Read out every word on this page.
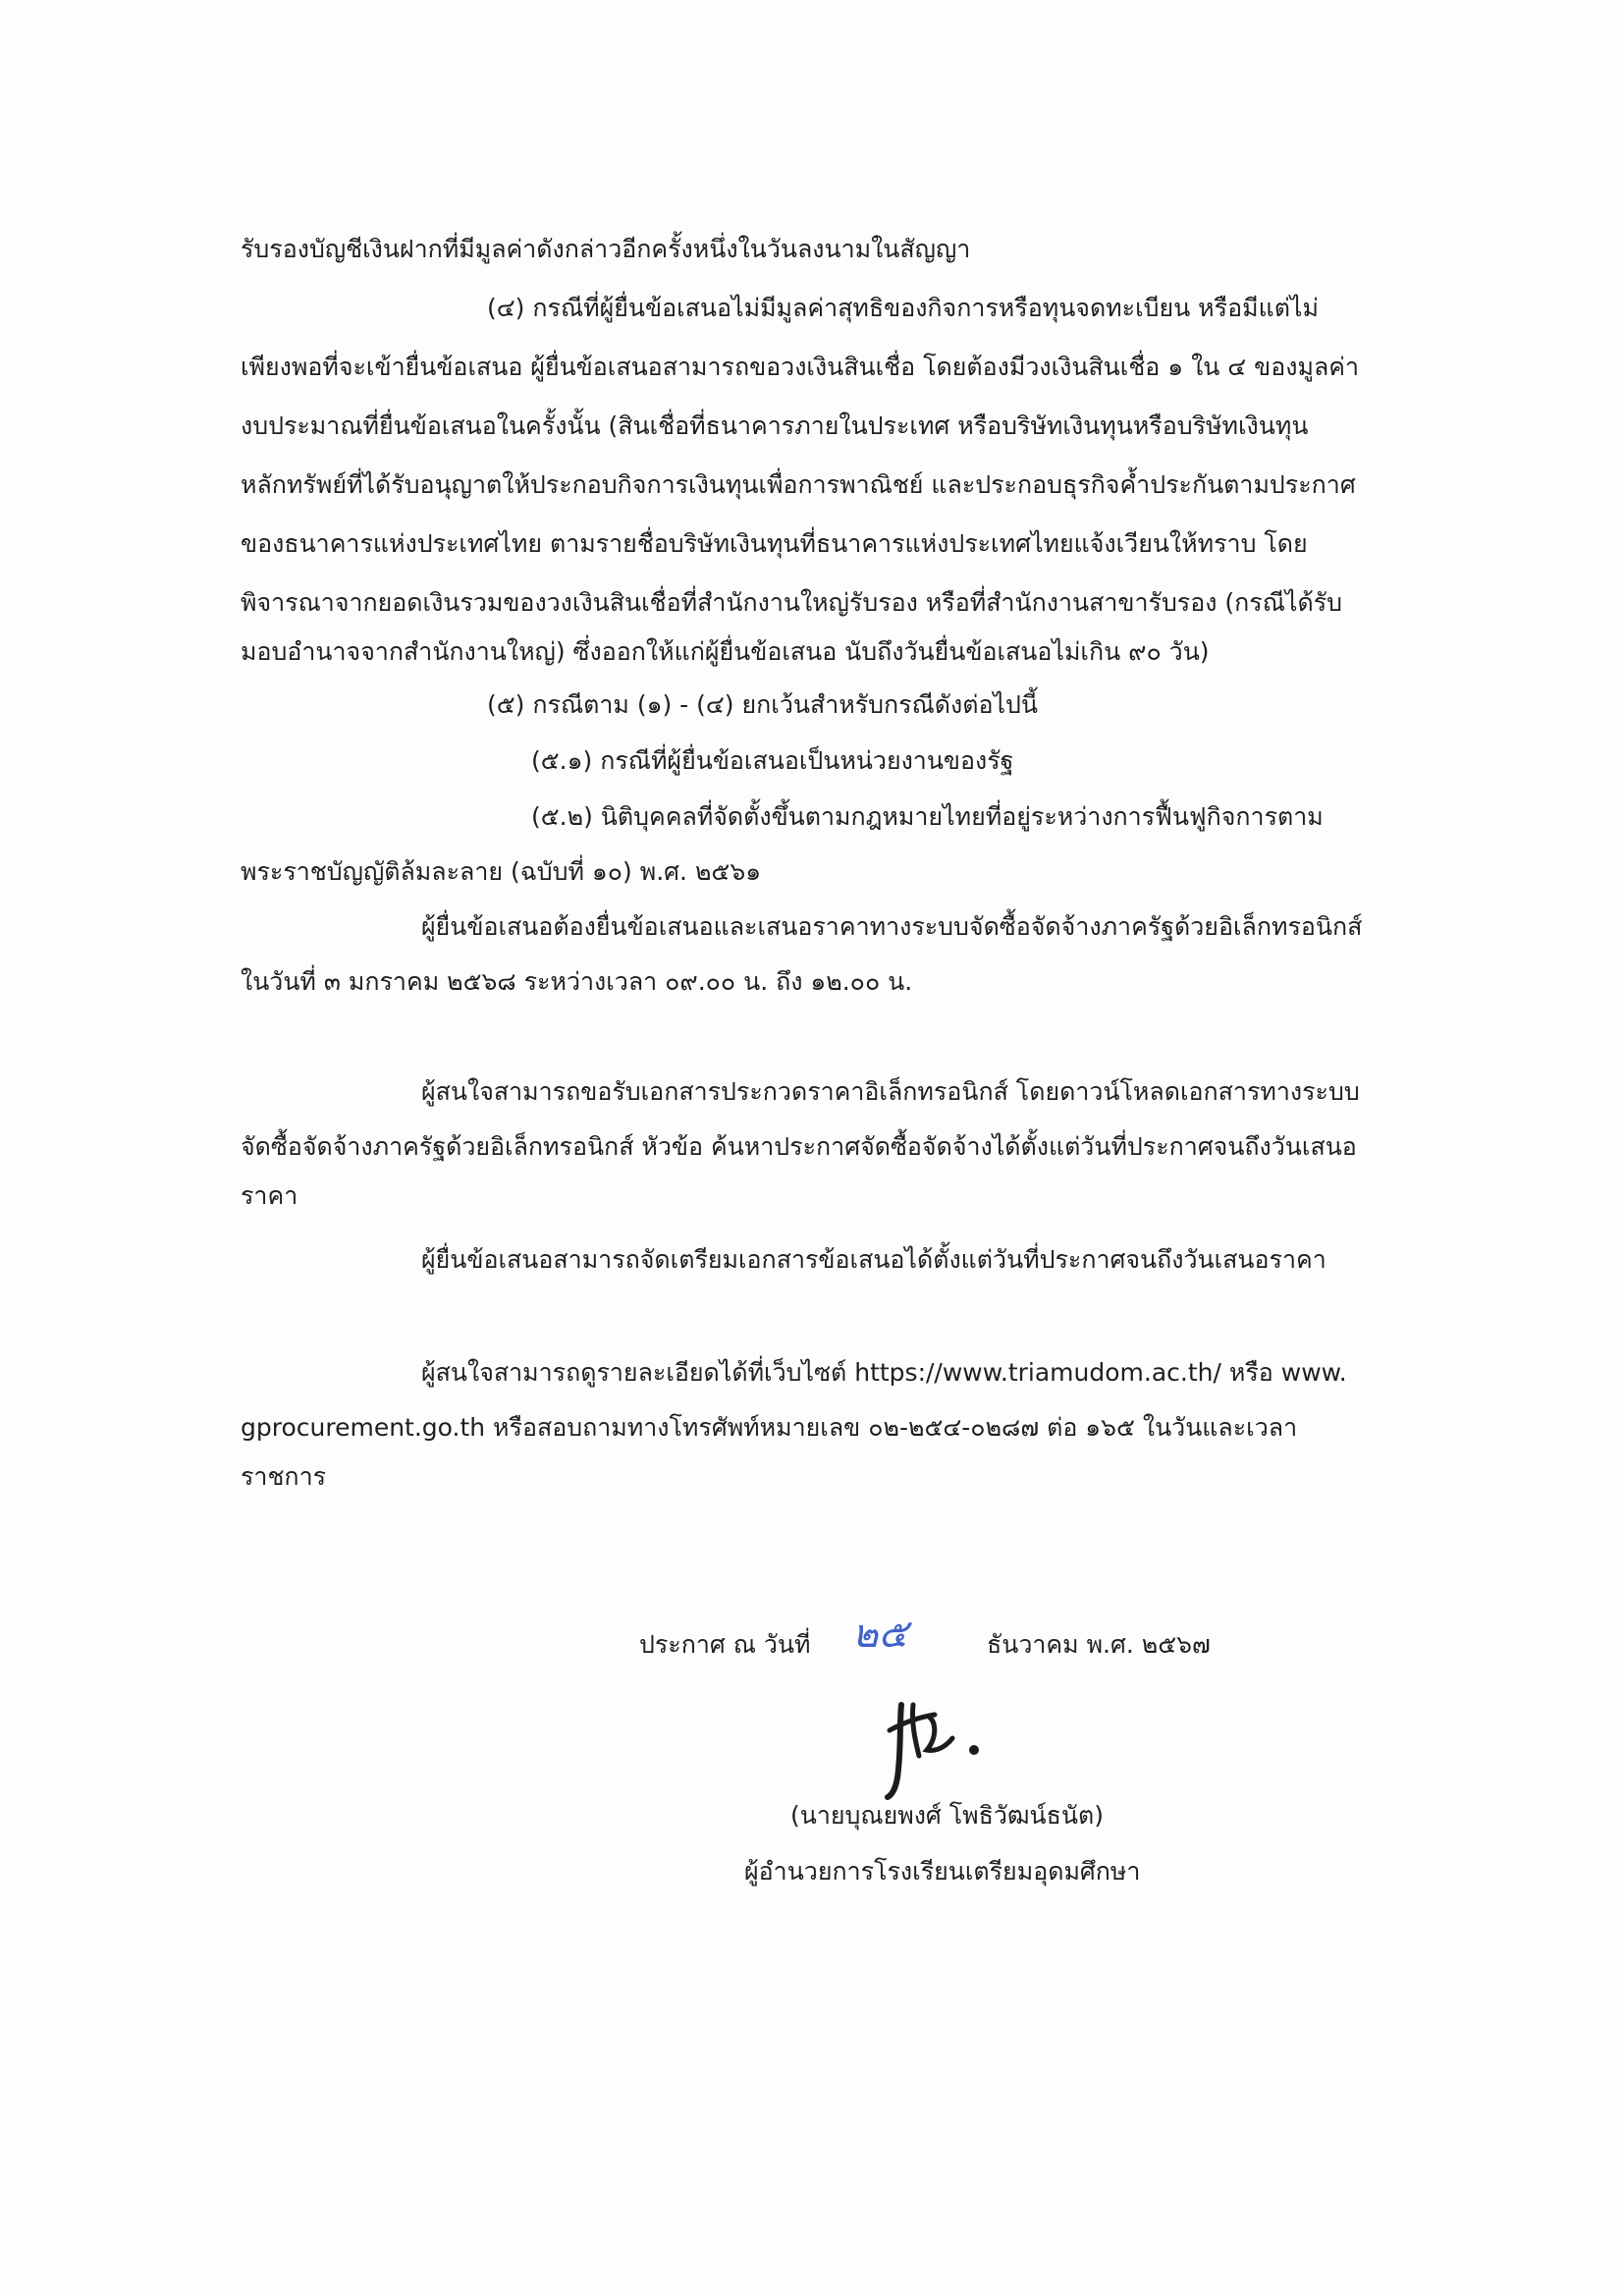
รับรองบัญชีเงินฝากที่มีมูลค่าดังกล่าวอีกครั้งหนึ่งในวันลงนามในสัญญา
(๔) กรณีที่ผู้ยื่นข้อเสนอไม่มีมูลค่าสุทธิของกิจการหรือทุนจดทะเบียน หรือมีแต่ไม่
เพียงพอที่จะเข้ายื่นข้อเสนอ ผู้ยื่นข้อเสนอสามารถขอวงเงินสินเชื่อ โดยต้องมีวงเงินสินเชื่อ ๑ ใน ๔ ของมูลค่า
งบประมาณที่ยื่นข้อเสนอในครั้งนั้น (สินเชื่อที่ธนาคารภายในประเทศ หรือบริษัทเงินทุนหรือบริษัทเงินทุน
หลักทรัพย์ที่ได้รับอนุญาตให้ประกอบกิจการเงินทุนเพื่อการพาณิชย์ และประกอบธุรกิจค้ำประกันตามประกาศ
ของธนาคารแห่งประเทศไทย ตามรายชื่อบริษัทเงินทุนที่ธนาคารแห่งประเทศไทยแจ้งเวียนให้ทราบ โดย
พิจารณาจากยอดเงินรวมของวงเงินสินเชื่อที่สำนักงานใหญ่รับรอง หรือที่สำนักงานสาขารับรอง (กรณีได้รับ
มอบอำนาจจากสำนักงานใหญ่) ซึ่งออกให้แก่ผู้ยื่นข้อเสนอ นับถึงวันยื่นข้อเสนอไม่เกิน ๙๐ วัน)
(๕) กรณีตาม (๑) - (๔) ยกเว้นสำหรับกรณีดังต่อไปนี้
(๕.๑) กรณีที่ผู้ยื่นข้อเสนอเป็นหน่วยงานของรัฐ
(๕.๒) นิติบุคคลที่จัดตั้งขึ้นตามกฎหมายไทยที่อยู่ระหว่างการฟื้นฟูกิจการตาม
พระราชบัญญัติล้มละลาย (ฉบับที่ ๑๐) พ.ศ. ๒๕๖๑
ผู้ยื่นข้อเสนอต้องยื่นข้อเสนอและเสนอราคาทางระบบจัดซื้อจัดจ้างภาครัฐด้วยอิเล็กทรอนิกส์
ในวันที่ ๓ มกราคม ๒๕๖๘ ระหว่างเวลา ๐๙.๐๐ น. ถึง ๑๒.๐๐ น.
ผู้สนใจสามารถขอรับเอกสารประกวดราคาอิเล็กทรอนิกส์ โดยดาวน์โหลดเอกสารทางระบบ
จัดซื้อจัดจ้างภาครัฐด้วยอิเล็กทรอนิกส์ หัวข้อ ค้นหาประกาศจัดซื้อจัดจ้างได้ตั้งแต่วันที่ประกาศจนถึงวันเสนอ
ราคา
ผู้ยื่นข้อเสนอสามารถจัดเตรียมเอกสารข้อเสนอได้ตั้งแต่วันที่ประกาศจนถึงวันเสนอราคา
ผู้สนใจสามารถดูรายละเอียดได้ที่เว็บไซต์ https://www.triamudom.ac.th/ หรือ www.
gprocurement.go.th หรือสอบถามทางโทรศัพท์หมายเลข ๐๒-๒๕๔-๐๒๘๗ ต่อ ๑๖๕ ในวันและเวลา
ราชการ
ประกาศ ณ วันที่ ๒๕	ธันวาคม พ.ศ. ๒๕๖๗
(นายบุณยพงศ์ โพธิวัฒน์ธนัต)
ผู้อำนวยการโรงเรียนเตรียมอุดมศึกษา
